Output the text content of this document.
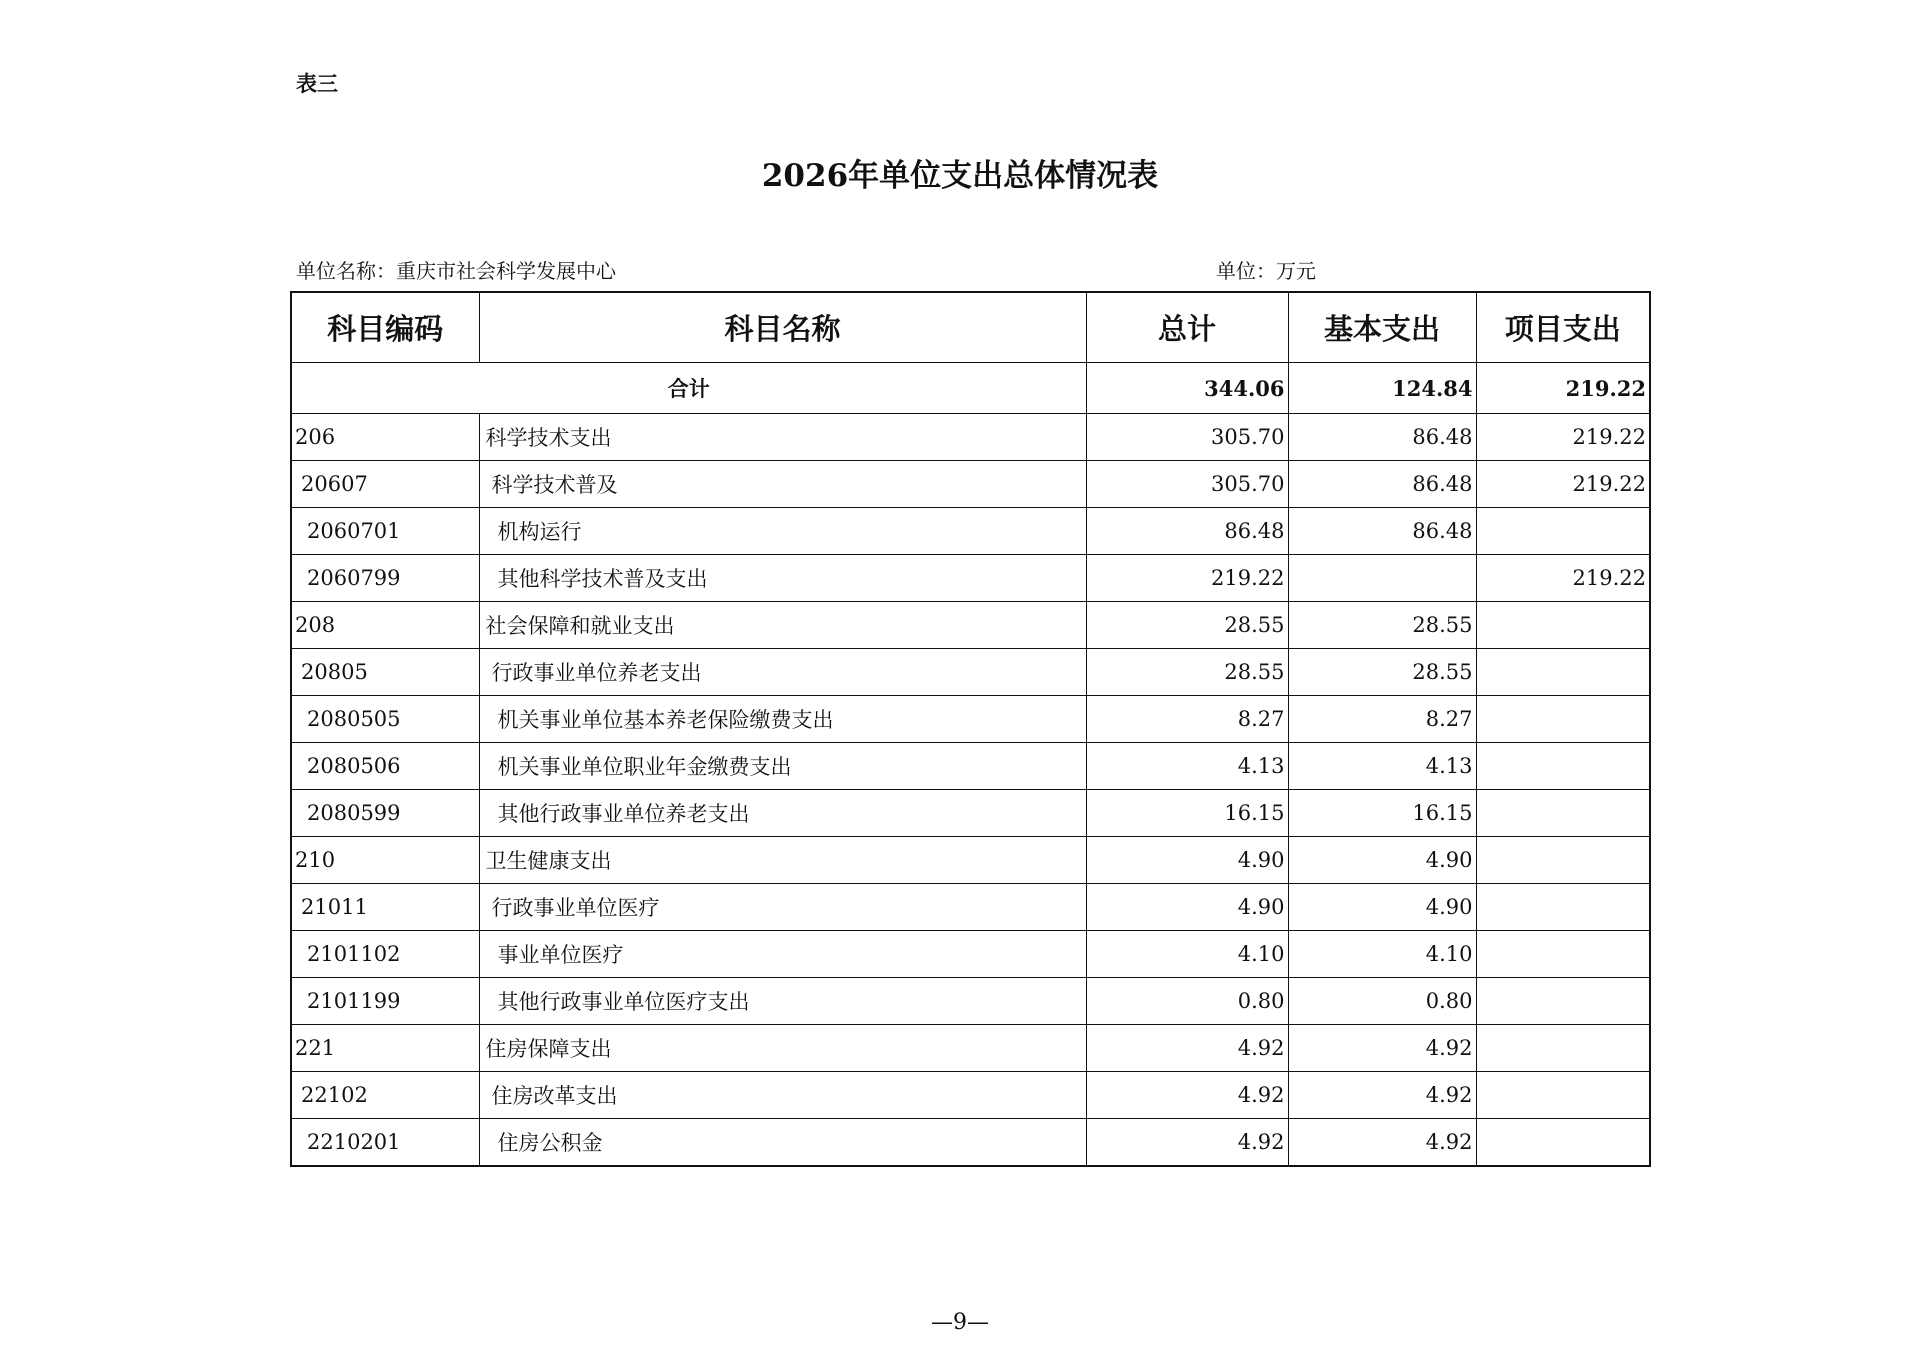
表三
2026年单位支出总体情况表
单位名称：重庆市社会科学发展中心	单位：万元
科目编码	科目名称	总计	基本支出	项目支出
合计		344.06	124.84	219.22
206	科学技术支出	305.70	86.48	219.22
20607	科学技术普及	305.70	86.48	219.22
2060701	机构运行	86.48	86.48	
2060799	其他科学技术普及支出	219.22		219.22
208	社会保障和就业支出	28.55	28.55	
20805	行政事业单位养老支出	28.55	28.55	
2080505	机关事业单位基本养老保险缴费支出	8.27	8.27	
2080506	机关事业单位职业年金缴费支出	4.13	4.13	
2080599	其他行政事业单位养老支出	16.15	16.15	
210	卫生健康支出	4.90	4.90	
21011	行政事业单位医疗	4.90	4.90	
2101102	事业单位医疗	4.10	4.10	
2101199	其他行政事业单位医疗支出	0.80	0.80	
221	住房保障支出	4.92	4.92	
22102	住房改革支出	4.92	4.92	
2210201	住房公积金	4.92	4.92	
—9—
